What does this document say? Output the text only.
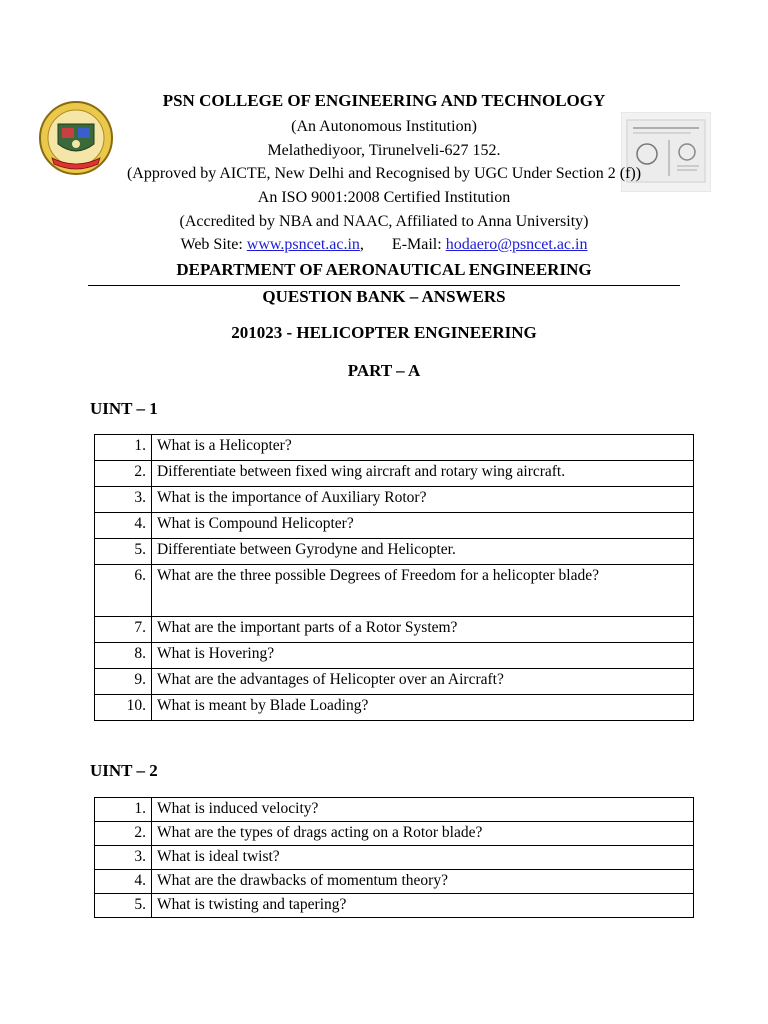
PSN COLLEGE OF ENGINEERING AND TECHNOLOGY
(An Autonomous Institution)
Melathediyoor, Tirunelveli-627 152.
(Approved by AICTE, New Delhi and Recognised by UGC Under Section 2 (f))
An ISO 9001:2008 Certified Institution
(Accredited by NBA and NAAC, Affiliated to Anna University)
Web Site: www.psncet.ac.in, E-Mail: hodaero@psncet.ac.in
DEPARTMENT OF AERONAUTICAL ENGINEERING
QUESTION BANK – ANSWERS
201023 - HELICOPTER ENGINEERING
PART – A
UINT – 1
1.	What is a Helicopter?
2.	Differentiate between fixed wing aircraft and rotary wing aircraft.
3.	What is the importance of Auxiliary Rotor?
4.	What is Compound Helicopter?
5.	Differentiate between Gyrodyne and Helicopter.
6.	What are the three possible Degrees of Freedom for a helicopter blade?
7.	What are the important parts of a Rotor System?
8.	What is Hovering?
9.	What are the advantages of Helicopter over an Aircraft?
10.	What is meant by Blade Loading?
UINT – 2
1.	What is induced velocity?
2.	What are the types of drags acting on a Rotor blade?
3.	What is ideal twist?
4.	What are the drawbacks of momentum theory?
5.	What is twisting and tapering?
